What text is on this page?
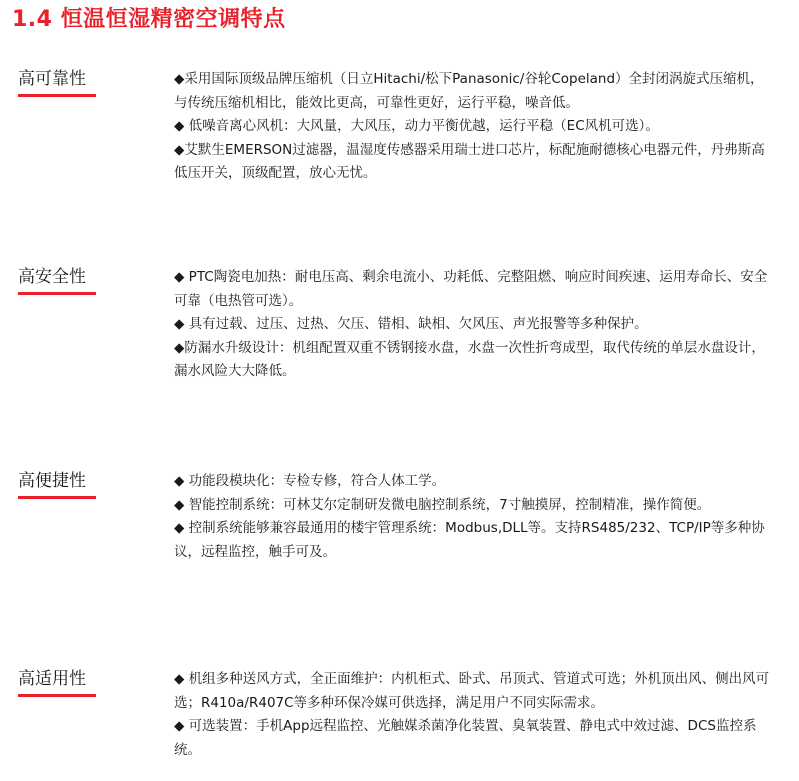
1.4 恒温恒湿精密空调特点
高可靠性	◆采用国际顶级品牌压缩机（日立Hitachi/松下Panasonic/谷轮Copeland）全封闭涡旋式压缩机，与传统压缩机相比，能效比更高，可靠性更好，运行平稳，噪音低。
◆ 低噪音离心风机：大风量，大风压，动力平衡优越，运行平稳（EC风机可选）。
◆艾默生EMERSON过滤器，温湿度传感器采用瑞士进口芯片，标配施耐德核心电器元件，丹弗斯高低压开关，顶级配置，放心无忧。
高安全性	◆ PTC陶瓷电加热：耐电压高、剩余电流小、功耗低、完整阻燃、响应时间疾速、运用寿命长、安全可靠（电热管可选）。
◆ 具有过载、过压、过热、欠压、错相、缺相、欠风压、声光报警等多种保护。
◆防漏水升级设计：机组配置双重不锈钢接水盘，水盘一次性折弯成型，取代传统的单层水盘设计，漏水风险大大降低。
高便捷性	◆ 功能段模块化：专检专修，符合人体工学。
◆ 智能控制系统：可林艾尔定制研发微电脑控制系统，7寸触摸屏，控制精准，操作简便。
◆ 控制系统能够兼容最通用的楼宇管理系统：Modbus,DLL等。支持RS485/232、TCP/IP等多种协议，远程监控，触手可及。
高适用性	◆ 机组多种送风方式，全正面维护：内机柜式、卧式、吊顶式、管道式可选；外机顶出风、侧出风可选；R410a/R407C等多种环保冷媒可供选择，满足用户不同实际需求。
◆ 可选装置：手机App远程监控、光触媒杀菌净化装置、臭氧装置、静电式中效过滤、DCS监控系统。
